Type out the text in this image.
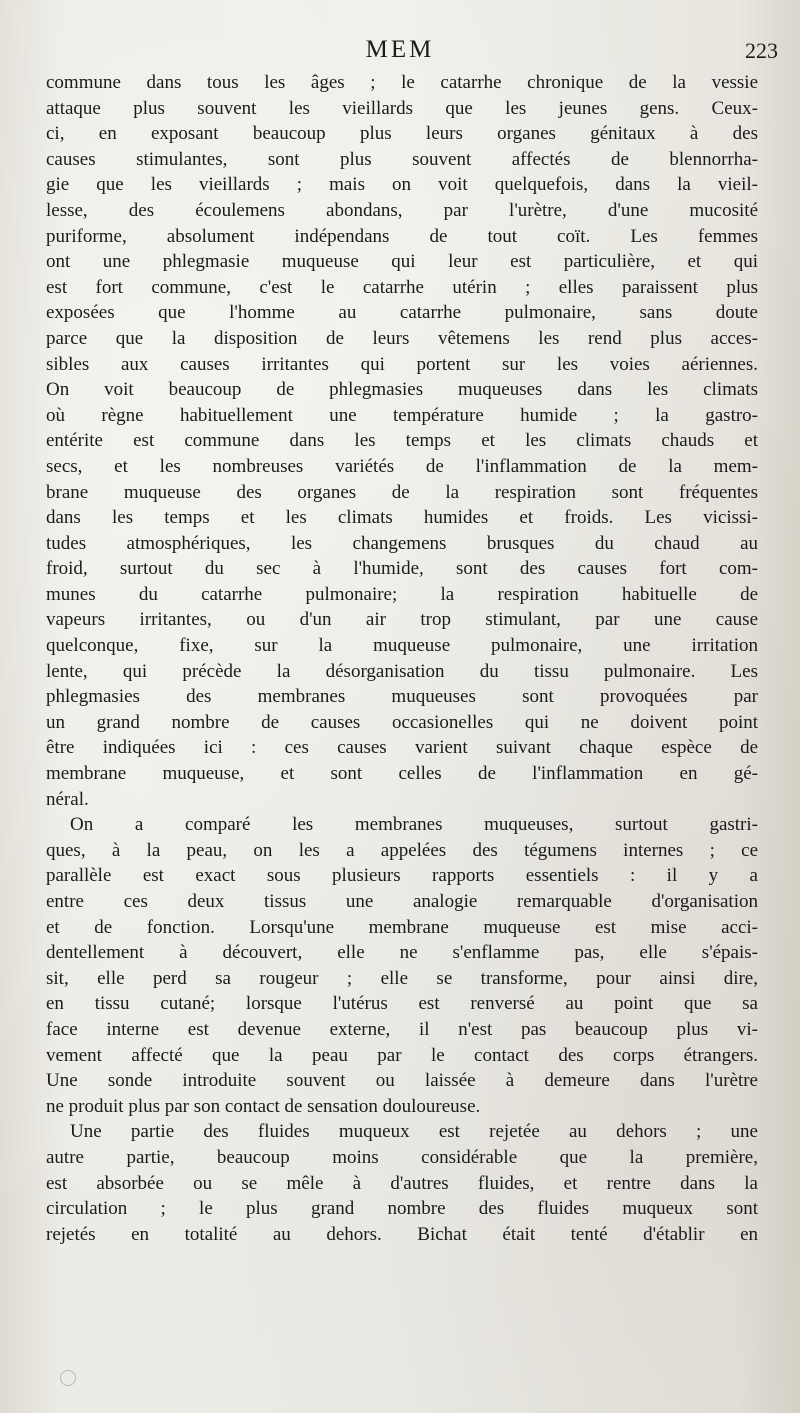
MEM	223
commune dans tous les âges ; le catarrhe chronique de la vessie
attaque plus souvent les vieillards que les jeunes gens. Ceux-
ci, en exposant beaucoup plus leurs organes génitaux à des
causes stimulantes, sont plus souvent affectés de blennorrha-
gie que les vieillards ; mais on voit quelquefois, dans la vieil-
lesse, des écoulemens abondans, par l'urètre, d'une mucosité
puriforme, absolument indépendans de tout coït. Les femmes
ont une phlegmasie muqueuse qui leur est particulière, et qui
est fort commune, c'est le catarrhe utérin ; elles paraissent plus
exposées que l'homme au catarrhe pulmonaire, sans doute
parce que la disposition de leurs vêtemens les rend plus acces-
sibles aux causes irritantes qui portent sur les voies aériennes.
On voit beaucoup de phlegmasies muqueuses dans les climats
où règne habituellement une température humide ; la gastro-
entérite est commune dans les temps et les climats chauds et
secs, et les nombreuses variétés de l'inflammation de la mem-
brane muqueuse des organes de la respiration sont fréquentes
dans les temps et les climats humides et froids. Les vicissi-
tudes atmosphériques, les changemens brusques du chaud au
froid, surtout du sec à l'humide, sont des causes fort com-
munes du catarrhe pulmonaire; la respiration habituelle de
vapeurs irritantes, ou d'un air trop stimulant, par une cause
quelconque, fixe, sur la muqueuse pulmonaire, une irritation
lente, qui précède la désorganisation du tissu pulmonaire. Les
phlegmasies des membranes muqueuses sont provoquées par
un grand nombre de causes occasionelles qui ne doivent point
être indiquées ici : ces causes varient suivant chaque espèce de
membrane muqueuse, et sont celles de l'inflammation en gé-
néral.
On a comparé les membranes muqueuses, surtout gastri-
ques, à la peau, on les a appelées des tégumens internes ; ce
parallèle est exact sous plusieurs rapports essentiels : il y a
entre ces deux tissus une analogie remarquable d'organisation
et de fonction. Lorsqu'une membrane muqueuse est mise acci-
dentellement à découvert, elle ne s'enflamme pas, elle s'épais-
sit, elle perd sa rougeur ; elle se transforme, pour ainsi dire,
en tissu cutané; lorsque l'utérus est renversé au point que sa
face interne est devenue externe, il n'est pas beaucoup plus vi-
vement affecté que la peau par le contact des corps étrangers.
Une sonde introduite souvent ou laissée à demeure dans l'urètre
ne produit plus par son contact de sensation douloureuse.
Une partie des fluides muqueux est rejetée au dehors ; une
autre partie, beaucoup moins considérable que la première,
est absorbée ou se mêle à d'autres fluides, et rentre dans la
circulation ; le plus grand nombre des fluides muqueux sont
rejetés en totalité au dehors. Bichat était tenté d'établir en
